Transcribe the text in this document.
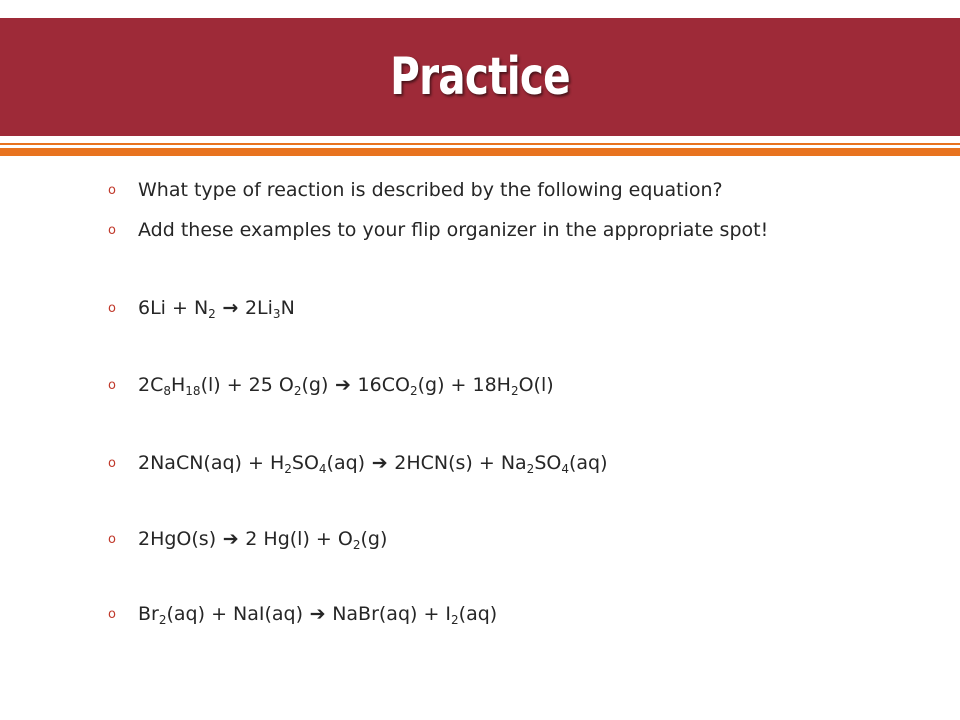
Practice
o What type of reaction is described by the following equation?
o Add these examples to your flip organizer in the appropriate spot!
o $6Li + N_2 \to 2Li_3N$
o $2C_8H_{18}(l) + 25$ $O_2(g)$ ➔ $16CO_2(g) + 18H_2O(l)$
o 2NaCN(aq) + $H_2SO_4(aq)$ ➔ $2HCN(s) + Na_2SO_4(aq)$
o 2HgO(s) ➔ 2 $Hg(l) + O_2(g)$
o $Br_2(aq) + NaI(aq)$ ➔ NaBr(aq) + $I_2(aq)$
